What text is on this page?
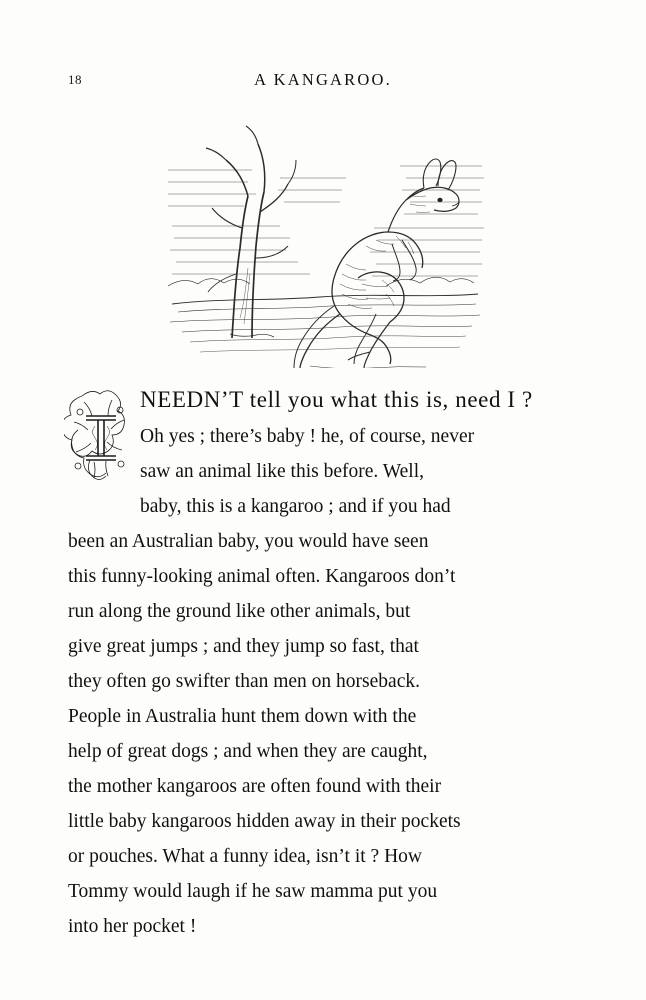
18	A KANGAROO.

NEEDN’T tell you what this is, need I ?
Oh yes ; there’s baby ! he, of course, never
saw an animal like this before. Well,
baby, this is a kangaroo ; and if you had
been an Australian baby, you would have seen
this funny-looking animal often. Kangaroos don’t
run along the ground like other animals, but
give great jumps ; and they jump so fast, that
they often go swifter than men on horseback.
People in Australia hunt them down with the
help of great dogs ; and when they are caught,
the mother kangaroos are often found with their
little baby kangaroos hidden away in their pockets
or pouches. What a funny idea, isn’t it ? How
Tommy would laugh if he saw mamma put you
into her pocket !
